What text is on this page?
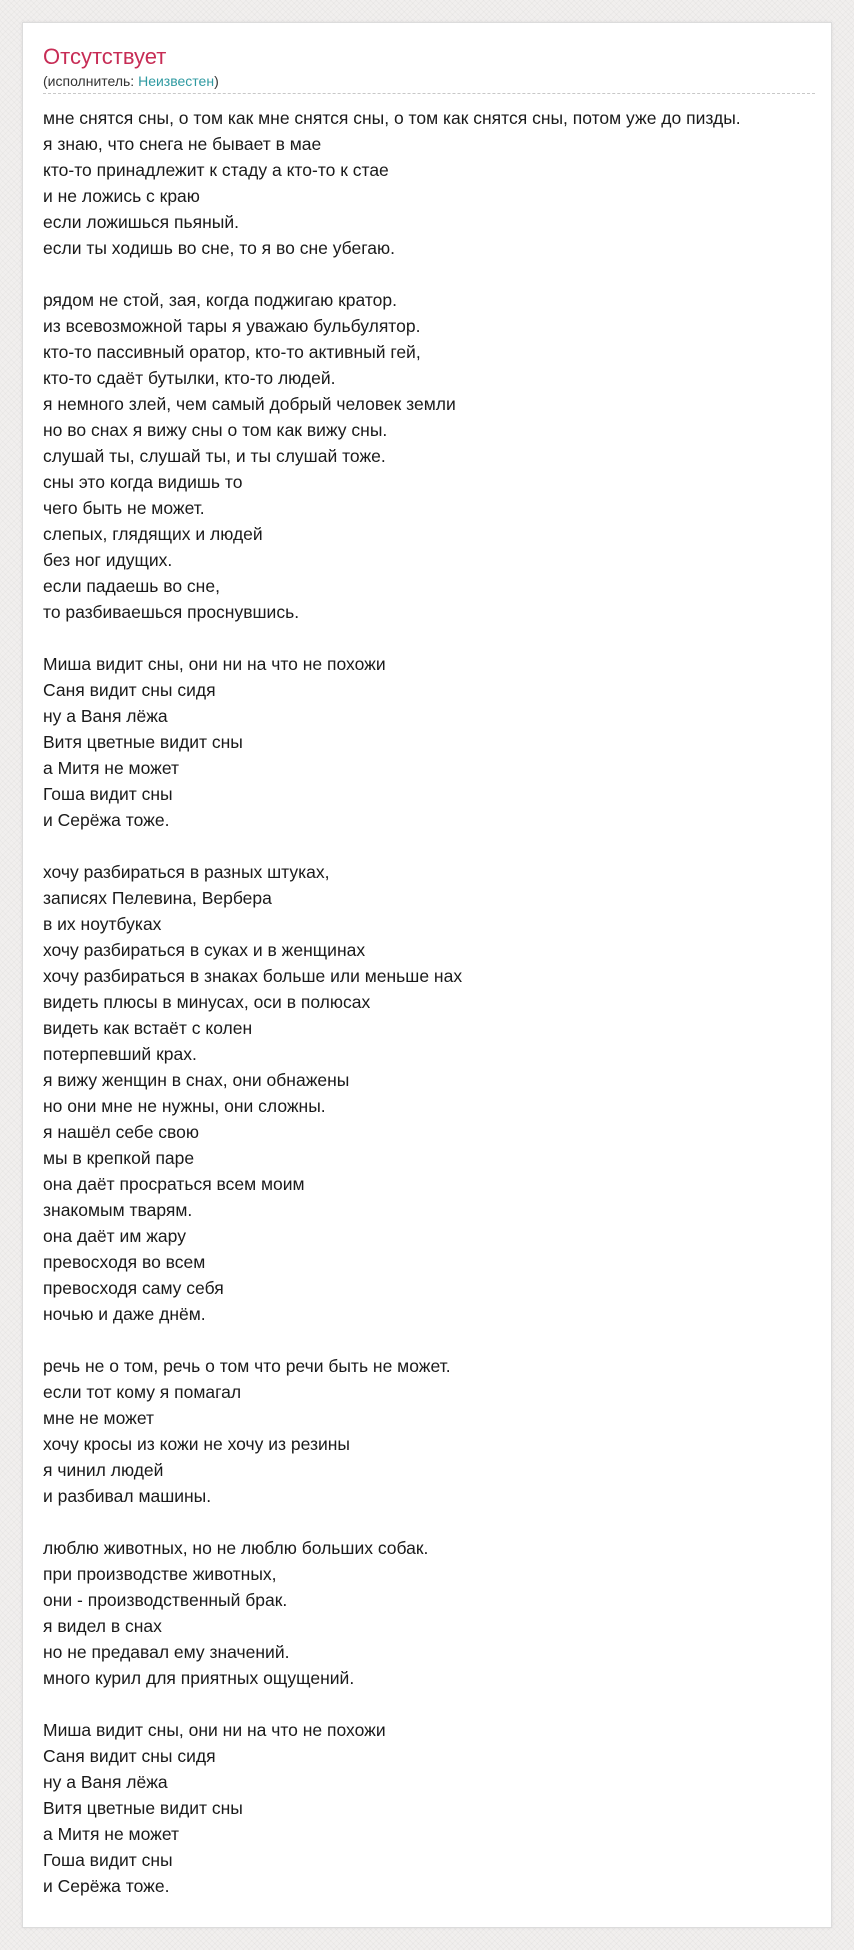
Отсутствует
(исполнитель: Неизвестен)
мне снятся сны, о том как мне снятся сны, о том как снятся сны, потом уже до пизды.
я знаю, что снега не бывает в мае
кто-то принадлежит к стаду а кто-то к стае
и не ложись с краю
если ложишься пьяный.
если ты ходишь во сне, то я во сне убегаю.
рядом не стой, зая, когда поджигаю кратор.
из всевозможной тары я уважаю бульбулятор.
кто-то пассивный оратор, кто-то активный гей,
кто-то сдаёт бутылки, кто-то людей.
я немного злей, чем самый добрый человек земли
но во снах я вижу сны о том как вижу сны.
слушай ты, слушай ты, и ты слушай тоже.
сны это когда видишь то
чего быть не может.
слепых, глядящих и людей
без ног идущих.
если падаешь во сне,
то разбиваешься проснувшись.
Миша видит сны, они ни на что не похожи
Саня видит сны сидя
ну а Ваня лёжа
Витя цветные видит сны
а Митя не может
Гоша видит сны
и Серёжа тоже.
хочу разбираться в разных штуках,
записях Пелевина, Вербера
в их ноутбуках
хочу разбираться в суках и в женщинах
хочу разбираться в знаках больше или меньше нах
видеть плюсы в минусах, оси в полюсах
видеть как встаёт с колен
потерпевший крах.
я вижу женщин в снах, они обнажены
но они мне не нужны, они сложны.
я нашёл себе свою
мы в крепкой паре
она даёт просраться всем моим
знакомым тварям.
она даёт им жару
превосходя во всем
превосходя саму себя
ночью и даже днём.
речь не о том, речь о том что речи быть не может.
если тот кому я помагал
мне не может
хочу кросы из кожи не хочу из резины
я чинил людей
и разбивал машины.
люблю животных, но не люблю больших собак.
при производстве животных,
они - производственный брак.
я видел в снах
но не предавал ему значений.
много курил для приятных ощущений.
Миша видит сны, они ни на что не похожи
Саня видит сны сидя
ну а Ваня лёжа
Витя цветные видит сны
а Митя не может
Гоша видит сны
и Серёжа тоже.
